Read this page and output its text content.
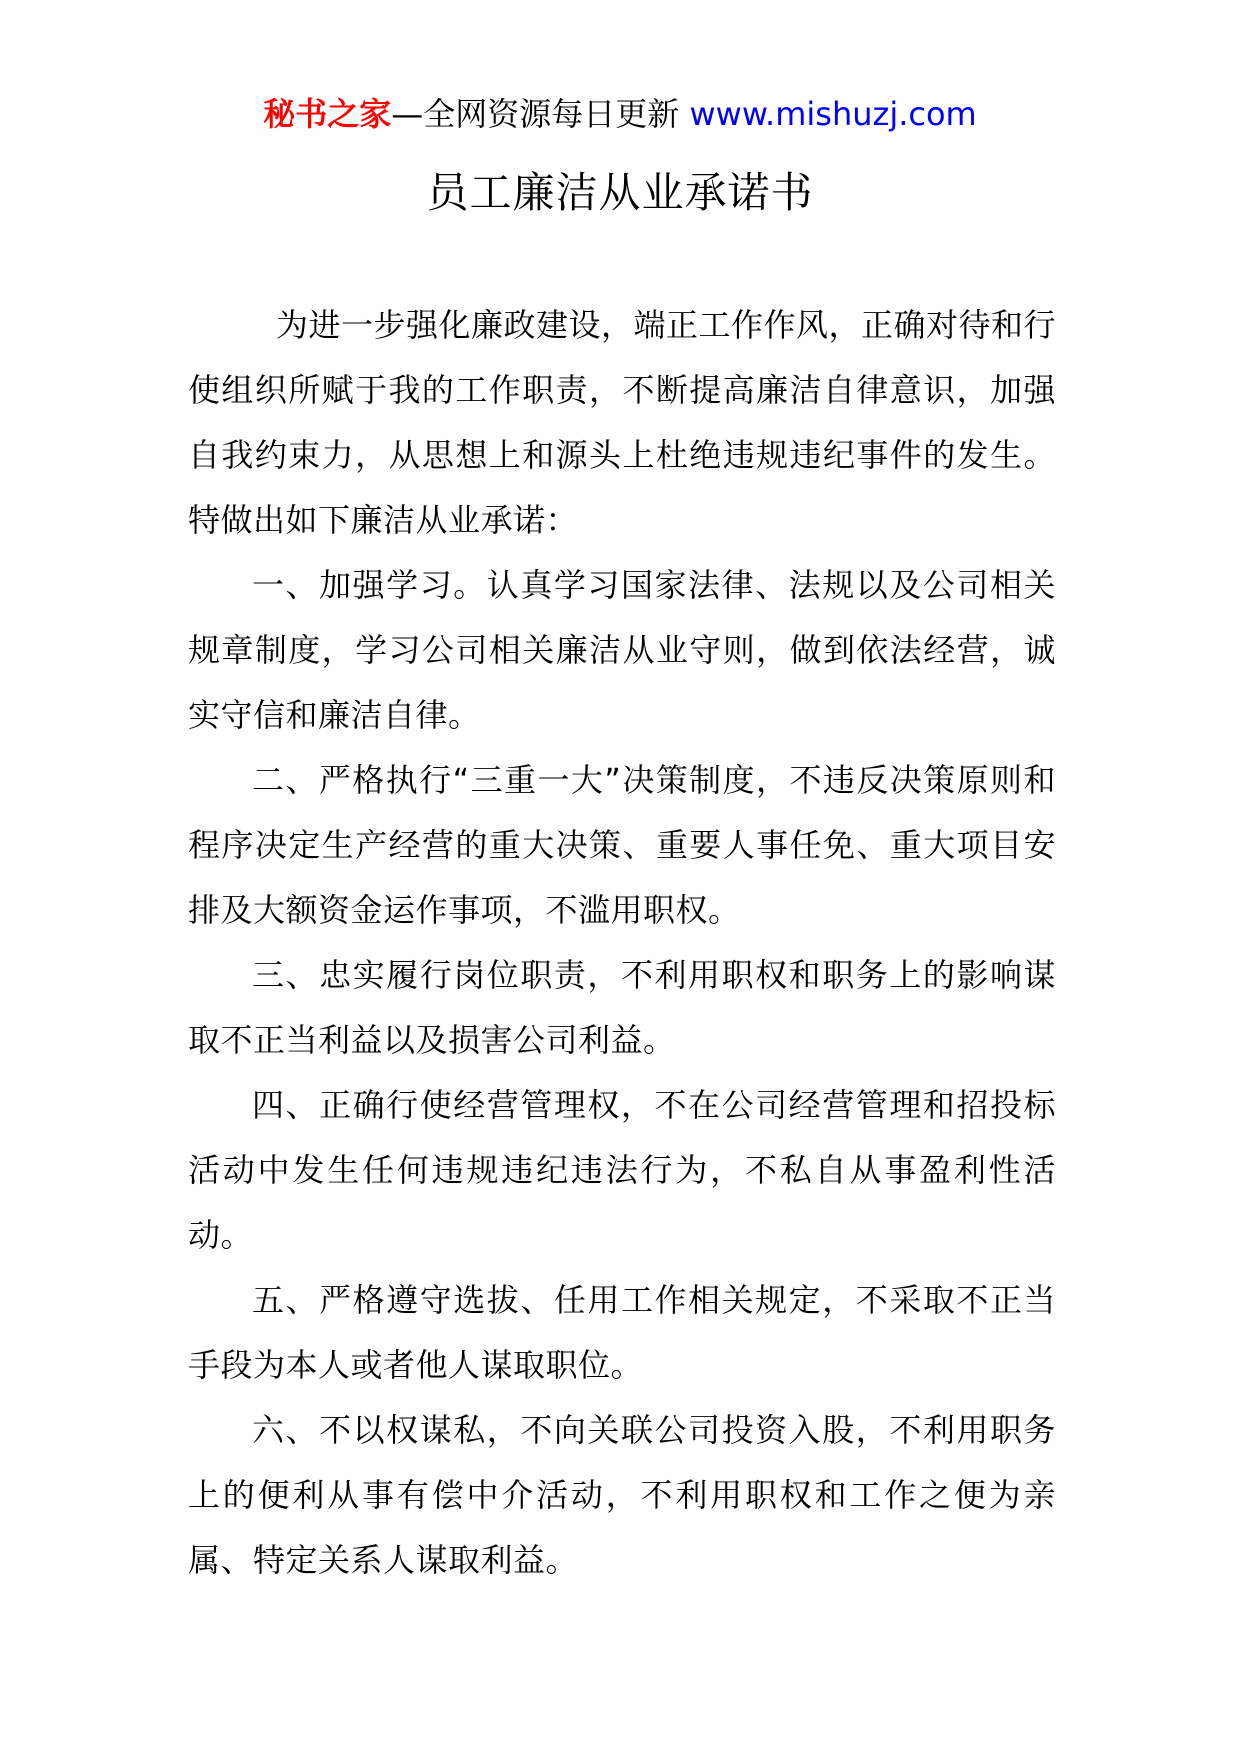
秘书之家—全网资源每日更新 www.mishuzj.com
员工廉洁从业承诺书

为进一步强化廉政建设，端正工作作风，正确对待和行使组织所赋于我的工作职责，不断提高廉洁自律意识，加强自我约束力，从思想上和源头上杜绝违规违纪事件的发生。特做出如下廉洁从业承诺：

一、加强学习。认真学习国家法律、法规以及公司相关规章制度，学习公司相关廉洁从业守则，做到依法经营，诚实守信和廉洁自律。

二、严格执行“三重一大”决策制度，不违反决策原则和程序决定生产经营的重大决策、重要人事任免、重大项目安排及大额资金运作事项，不滥用职权。

三、忠实履行岗位职责，不利用职权和职务上的影响谋取不正当利益以及损害公司利益。

四、正确行使经营管理权，不在公司经营管理和招投标活动中发生任何违规违纪违法行为，不私自从事盈利性活动。

五、严格遵守选拔、任用工作相关规定，不采取不正当手段为本人或者他人谋取职位。

六、不以权谋私，不向关联公司投资入股，不利用职务上的便利从事有偿中介活动，不利用职权和工作之便为亲属、特定关系人谋取利益。
